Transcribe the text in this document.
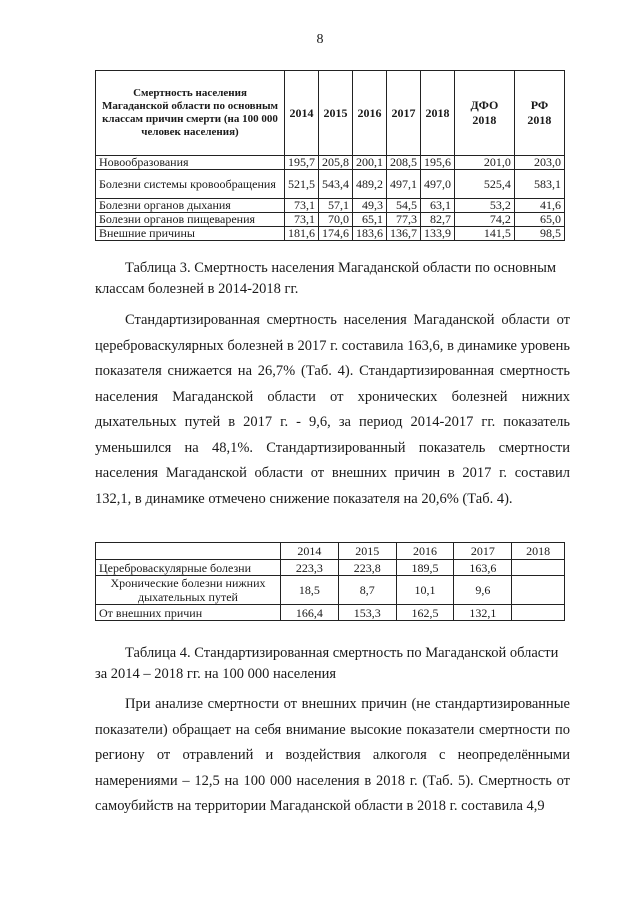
8
Смертность населения Магаданской области по основным классам причин смерти (на 100 000 человек населения)	2014	2015	2016	2017	2018	ДФО 2018	РФ 2018
Новообразования	195,7	205,8	200,1	208,5	195,6	201,0	203,0
Болезни системы кровообращения	521,5	543,4	489,2	497,1	497,0	525,4	583,1
Болезни органов дыхания	73,1	57,1	49,3	54,5	63,1	53,2	41,6
Болезни органов пищеварения	73,1	70,0	65,1	77,3	82,7	74,2	65,0
Внешние причины	181,6	174,6	183,6	136,7	133,9	141,5	98,5
Таблица 3. Смертность населения Магаданской области по основным классам болезней в 2014-2018 гг.
Стандартизированная смертность населения Магаданской области от цереброваскулярных болезней в 2017 г. составила 163,6, в динамике уровень показателя снижается на 26,7% (Таб. 4). Стандартизированная смертность населения Магаданской области от хронических болезней нижних дыхательных путей в 2017 г. - 9,6, за период 2014-2017 гг. показатель уменьшился на 48,1%. Стандартизированный показатель смертности населения Магаданской области от внешних причин в 2017 г. составил 132,1, в динамике отмечено снижение показателя на 20,6% (Таб. 4).
	2014	2015	2016	2017	2018
Цереброваскулярные болезни	223,3	223,8	189,5	163,6	
Хронические болезни нижних дыхательных путей	18,5	8,7	10,1	9,6	
От внешних причин	166,4	153,3	162,5	132,1	
Таблица 4. Стандартизированная смертность по Магаданской области за 2014 – 2018 гг. на 100 000 населения
При анализе смертности от внешних причин (не стандартизированные показатели) обращает на себя внимание высокие показатели смертности по региону от отравлений и воздействия алкоголя с неопределёнными намерениями – 12,5 на 100 000 населения в 2018 г. (Таб. 5). Смертность от самоубийств на территории Магаданской области в 2018 г. составила 4,9
